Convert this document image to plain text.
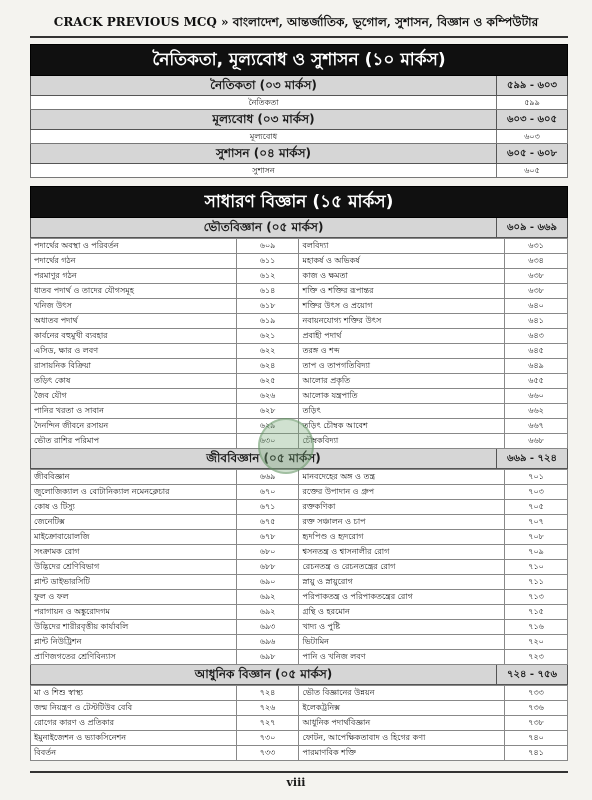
CRACK PREVIOUS MCQ » বাংলাদেশ, আন্তর্জাতিক, ভূগোল, সুশাসন, বিজ্ঞান ও কম্পিউটার
নৈতিকতা, মূল্যবোধ ও সুশাসন (১০ মার্কস)
নৈতিকতা (০৩ মার্কস)	৫৯৯ - ৬০৩
নৈতিকতা	৫৯৯
মূল্যবোধ (০৩ মার্কস)	৬০৩ - ৬০৫
মূল্যবোধ	৬০৩
সুশাসন (০৪ মার্কস)	৬০৫ - ৬০৮
সুশাসন	৬০৫
সাধারণ বিজ্ঞান (১৫ মার্কস)
ভৌতবিজ্ঞান (০৫ মার্কস)	৬০৯ - ৬৬৯
পদার্থের অবস্থা ও পরিবর্তন	৬০৯	বলবিদ্যা	৬৩১
পদার্থের গঠন	৬১১	মহাকর্ষ ও অভিকর্ষ	৬৩৪
পরমাণুর গঠন	৬১২	কাজ ও ক্ষমতা	৬৩৮
ধাতব পদার্থ ও তাদের যৌগসমূহ	৬১৪	শক্তি ও শক্তির রূপান্তর	৬৩৮
খনিজ উৎস	৬১৮	শক্তির উৎস ও প্রয়োগ	৬৪০
অধাতব পদার্থ	৬১৯	নবায়নযোগ্য শক্তির উৎস	৬৪১
কার্বনের বহুমুখী ব্যবহার	৬২১	প্রবাহী পদার্থ	৬৪৩
এসিড, ক্ষার ও লবণ	৬২২	তরঙ্গ ও শব্দ	৬৪৫
রাসায়নিক বিক্রিয়া	৬২৪	তাপ ও তাপগতিবিদ্যা	৬৪৯
তড়িৎ কোষ	৬২৫	আলোর প্রকৃতি	৬৫৫
জৈব যৌগ	৬২৬	আলোক যন্ত্রপাতি	৬৬০
পানির খরতা ও সাবান	৬২৮	তড়িৎ	৬৬২
দৈনন্দিন জীবনে রসায়ন	৬২৯	তড়িৎ চৌম্বক আবেশ	৬৬৭
ভৌত রাশির পরিমাপ	৬৩০	চৌম্বকবিদ্যা	৬৬৮
জীববিজ্ঞান (০৫ মার্কস)	৬৬৯ - ৭২৪
জীববিজ্ঞান	৬৬৯	মানবদেহের অঙ্গ ও তন্ত্র	৭০১
জুলোজিক্যাল ও বোটানিক্যাল নমেনক্লেচার	৬৭০	রক্তের উপাদান ও গ্রুপ	৭০৩
কোষ ও টিস্যু	৬৭১	রক্তকণিকা	৭০৫
জেনেটিক্স	৬৭৫	রক্ত সঞ্চালন ও চাপ	৭০৭
মাইক্রোবায়োলজি	৬৭৮	হৃদপিণ্ড ও হৃদরোগ	৭০৮
সংক্রামক রোগ	৬৮০	শ্বসনতন্ত্র ও শ্বাসনালীর রোগ	৭০৯
উদ্ভিদের শ্রেণিবিভাগ	৬৮৮	রেচনতন্ত্র ও রেচনতন্ত্রের রোগ	৭১০
প্লান্ট ডাইভারসিটি	৬৯০	স্নায়ু ও স্নায়ুরোগ	৭১১
ফুল ও ফল	৬৯২	পরিপাকতন্ত্র ও পরিপাকতন্ত্রের রোগ	৭১৩
পরাগায়ন ও অঙ্কুরোদগম	৬৯২	গ্রন্থি ও হরমোন	৭১৫
উদ্ভিদের শারীরবৃত্তীয় কার্যাবলি	৬৯৩	খাদ্য ও পুষ্টি	৭১৬
প্লান্ট নিউট্রিশন	৬৯৬	ভিটামিন	৭২০
প্রাণিজগতের শ্রেণিবিন্যাস	৬৯৮	পানি ও খনিজ লবণ	৭২৩
আধুনিক বিজ্ঞান (০৫ মার্কস)	৭২৪ - ৭৫৬
মা ও শিশু স্বাস্থ্য	৭২৪	ভৌত বিজ্ঞানের উন্নয়ন	৭৩৩
জন্ম নিয়ন্ত্রণ ও টেস্টটিউব বেবি	৭২৬	ইলেকট্রনিক্স	৭৩৬
রোগের কারণ ও প্রতিকার	৭২৭	আধুনিক পদার্থবিজ্ঞান	৭৩৮
ইমুনাইজেশন ও ভ্যাকসিনেশন	৭৩০	ফোটন, আপেক্ষিকতাবাদ ও হিগের কণা	৭৪০
বিবর্তন	৭৩৩	পারমাণবিক শক্তি	৭৪১
viii
